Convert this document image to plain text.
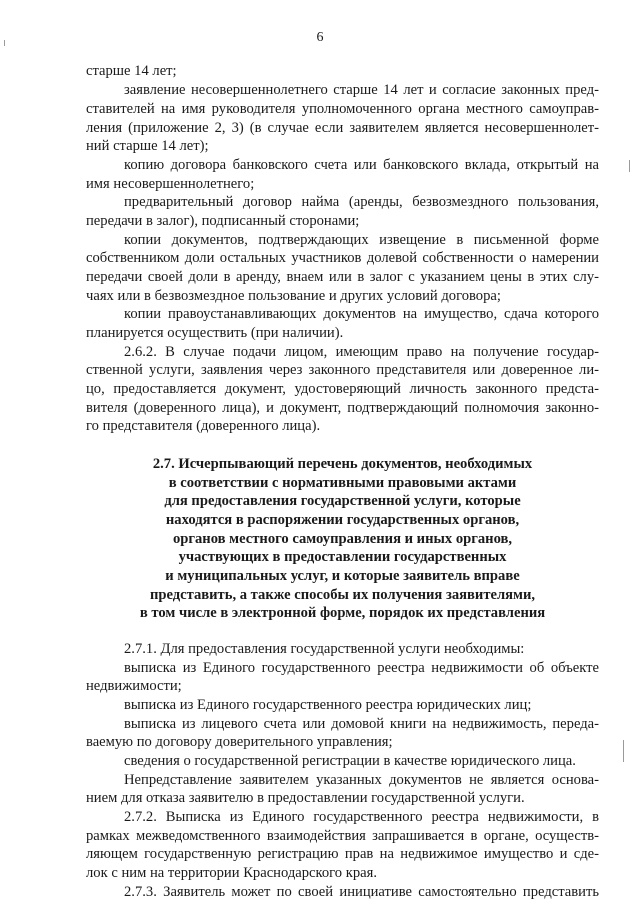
6

старше 14 лет;

заявление несовершеннолетнего старше 14 лет и согласие законных пред-

ставителей на имя руководителя уполномоченного органа местного самоуправ-

ления (приложение 2, 3) (в случае если заявителем является несовершеннолет-

ний старше 14 лет);

копию договора банковского счета или банковского вклада, открытый на

имя несовершеннолетнего;

предварительный договор найма (аренды, безвозмездного пользования,

передачи в залог), подписанный сторонами;

копии документов, подтверждающих извещение в письменной форме

собственником доли остальных участников долевой собственности о намерении

передачи своей доли в аренду, внаем или в залог с указанием цены в этих слу-

чаях или в безвозмездное пользование и других условий договора;

копии правоустанавливающих документов на имущество, сдача которого

планируется осуществить (при наличии).

2.6.2. В случае подачи лицом, имеющим право на получение государ-

ственной услуги, заявления через законного представителя или доверенное ли-

цо, предоставляется документ, удостоверяющий личность законного предста-

вителя (доверенного лица), и документ, подтверждающий полномочия законно-

го представителя (доверенного лица).

2.7. Исчерпывающий перечень документов, необходимых

в соответствии с нормативными правовыми актами

для предоставления государственной услуги, которые

находятся в распоряжении государственных органов,

органов местного самоуправления и иных органов,

участвующих в предоставлении государственных

и муниципальных услуг, и которые заявитель вправе

представить, а также способы их получения заявителями,

в том числе в электронной форме, порядок их представления

2.7.1. Для предоставления государственной услуги необходимы:

выписка из Единого государственного реестра недвижимости об объекте

недвижимости;

выписка из Единого государственного реестра юридических лиц;

выписка из лицевого счета или домовой книги на недвижимость, переда-

ваемую по договору доверительного управления;

сведения о государственной регистрации в качестве юридического лица.

Непредставление заявителем указанных документов не является основа-

нием для отказа заявителю в предоставлении государственной услуги.

2.7.2. Выписка из Единого государственного реестра недвижимости, в

рамках межведомственного взаимодействия запрашивается в органе, осуществ-

ляющем государственную регистрацию прав на недвижимое имущество и сде-

лок с ним на территории Краснодарского края.

2.7.3. Заявитель может по своей инициативе самостоятельно представить
